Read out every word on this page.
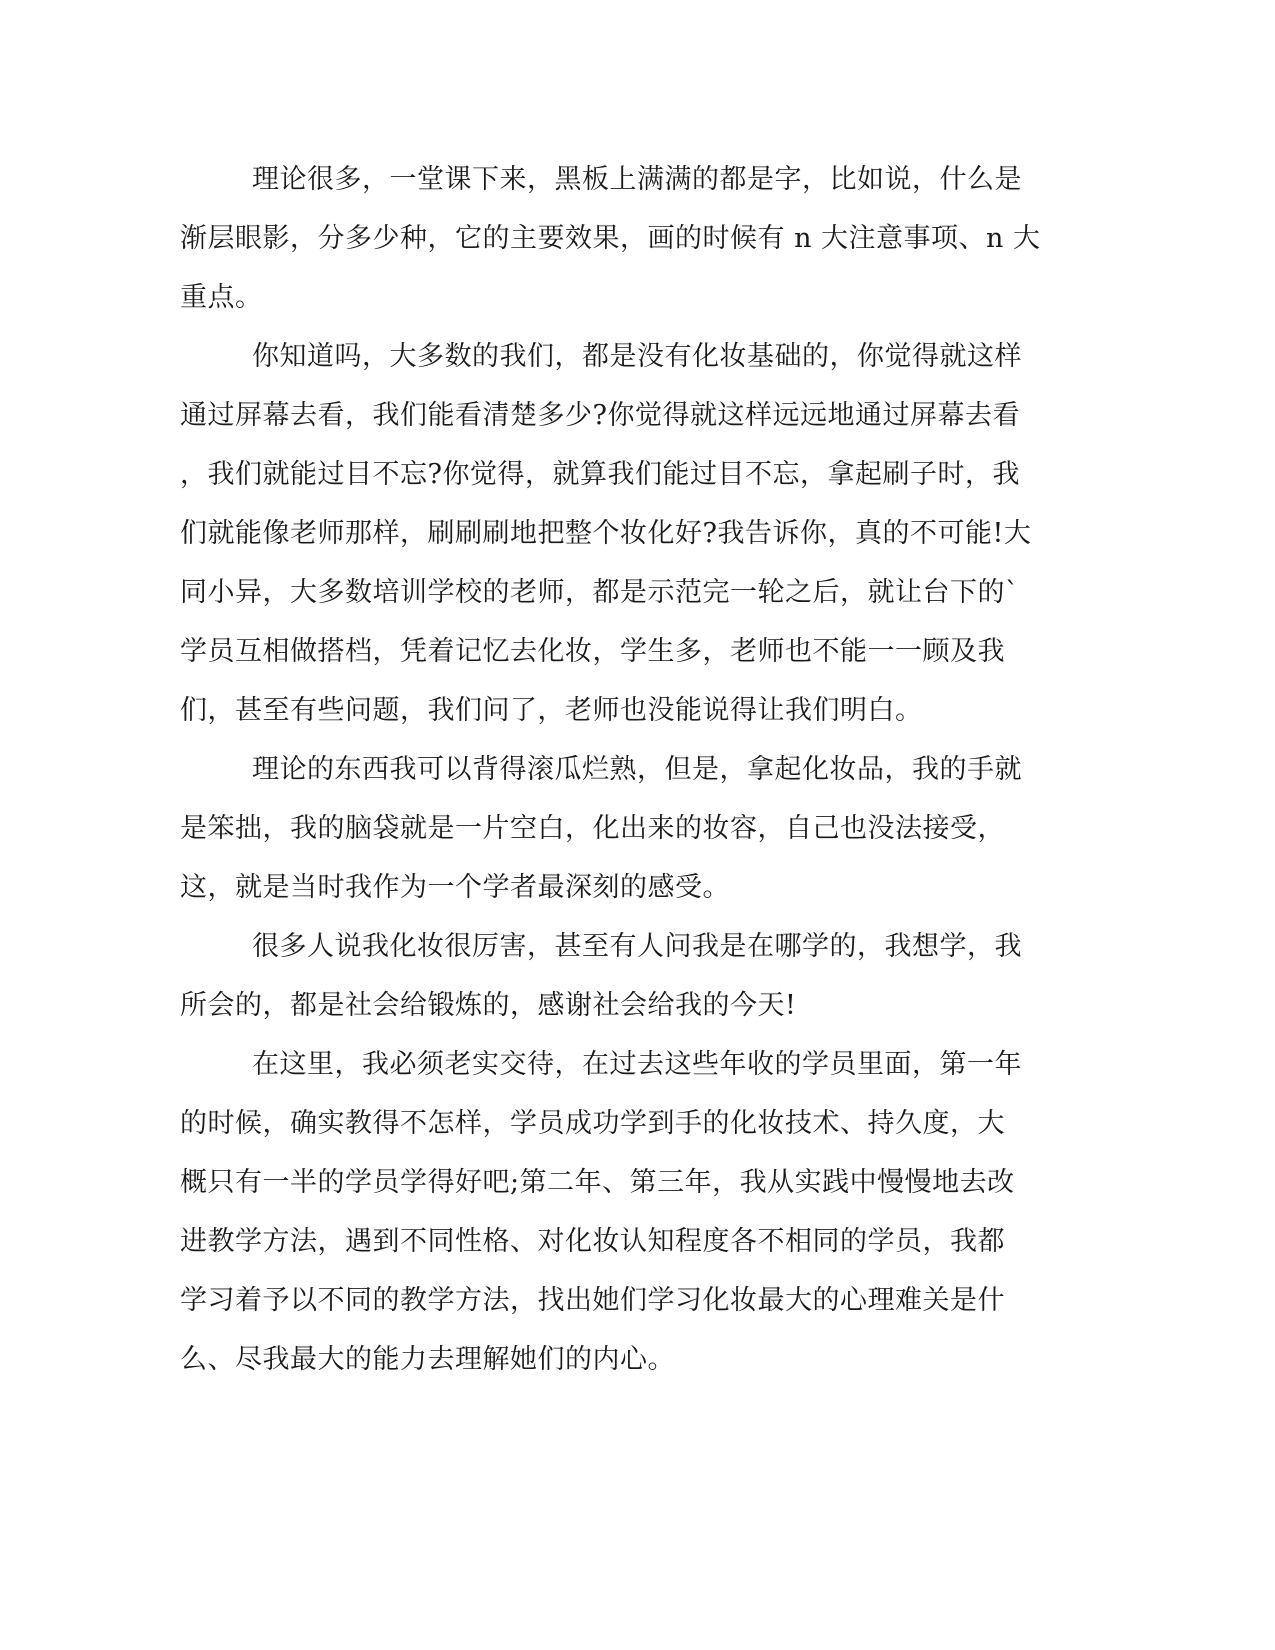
理论很多，一堂课下来，黑板上满满的都是字，比如说，什么是
渐层眼影，分多少种，它的主要效果，画的时候有 n 大注意事项、n 大
重点。
你知道吗，大多数的我们，都是没有化妆基础的，你觉得就这样
通过屏幕去看，我们能看清楚多少?你觉得就这样远远地通过屏幕去看
，我们就能过目不忘?你觉得，就算我们能过目不忘，拿起刷子时，我
们就能像老师那样，刷刷刷地把整个妆化好?我告诉你，真的不可能!大
同小异，大多数培训学校的老师，都是示范完一轮之后，就让台下的`
学员互相做搭档，凭着记忆去化妆，学生多，老师也不能一一顾及我
们，甚至有些问题，我们问了，老师也没能说得让我们明白。
理论的东西我可以背得滚瓜烂熟，但是，拿起化妆品，我的手就
是笨拙，我的脑袋就是一片空白，化出来的妆容，自己也没法接受，
这，就是当时我作为一个学者最深刻的感受。
很多人说我化妆很厉害，甚至有人问我是在哪学的，我想学，我
所会的，都是社会给锻炼的，感谢社会给我的今天!
在这里，我必须老实交待，在过去这些年收的学员里面，第一年
的时候，确实教得不怎样，学员成功学到手的化妆技术、持久度，大
概只有一半的学员学得好吧;第二年、第三年，我从实践中慢慢地去改
进教学方法，遇到不同性格、对化妆认知程度各不相同的学员，我都
学习着予以不同的教学方法，找出她们学习化妆最大的心理难关是什
么、尽我最大的能力去理解她们的内心。
